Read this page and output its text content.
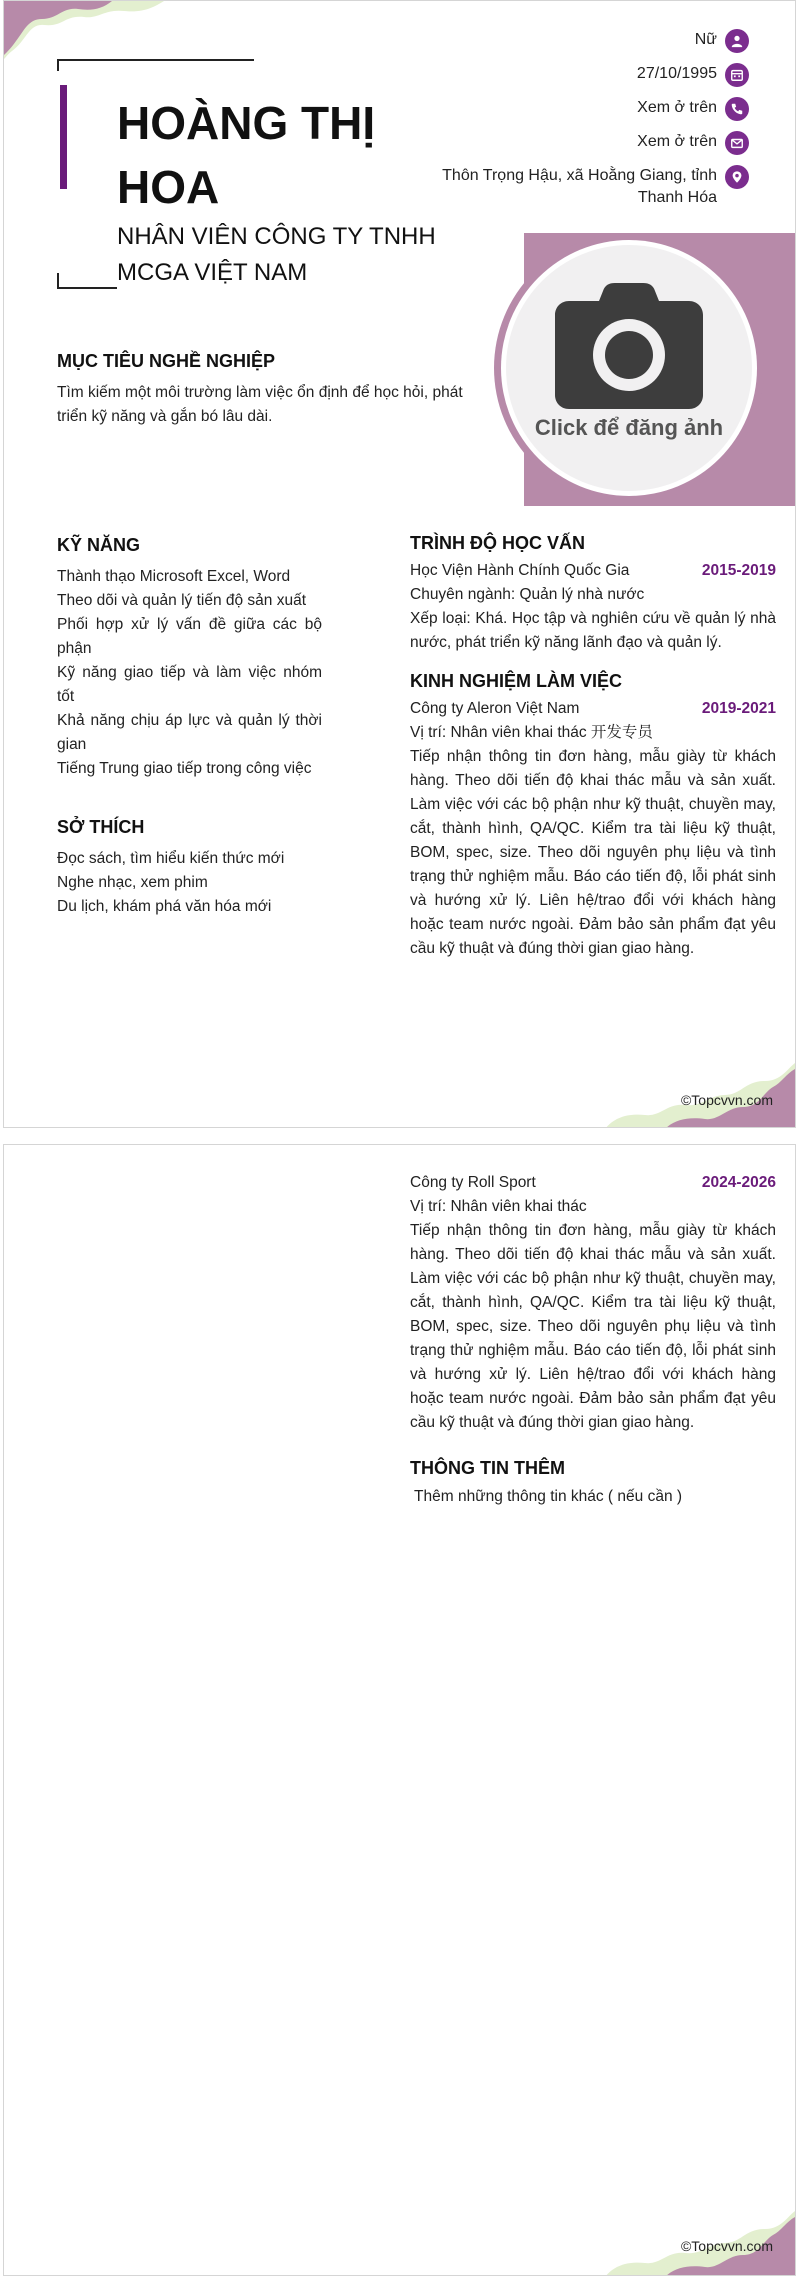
HOÀNG THỊ HOA
NHÂN VIÊN CÔNG TY TNHH MCGA VIỆT NAM
Nữ
27/10/1995
Xem ở trên
Xem ở trên
Thôn Trọng Hậu, xã Hoằng Giang, tỉnh Thanh Hóa
Click để đăng ảnh
MỤC TIÊU NGHỀ NGHIỆP
Tìm kiếm một môi trường làm việc ổn định để học hỏi, phát triển kỹ năng và gắn bó lâu dài.
KỸ NĂNG
Thành thạo Microsoft Excel, Word
Theo dõi và quản lý tiến độ sản xuất
Phối hợp xử lý vấn đề giữa các bộ phận
Kỹ năng giao tiếp và làm việc nhóm tốt
Khả năng chịu áp lực và quản lý thời gian
Tiếng Trung giao tiếp trong công việc
SỞ THÍCH
Đọc sách, tìm hiểu kiến thức mới
Nghe nhạc, xem phim
Du lịch, khám phá văn hóa mới
TRÌNH ĐỘ HỌC VẤN
Học Viện Hành Chính Quốc Gia	2015-2019
Chuyên ngành: Quản lý nhà nước
Xếp loại: Khá. Học tập và nghiên cứu về quản lý nhà nước, phát triển kỹ năng lãnh đạo và quản lý.
KINH NGHIỆM LÀM VIỆC
Công ty Aleron Việt Nam	2019-2021
Vị trí: Nhân viên khai thác 开发专员
Tiếp nhận thông tin đơn hàng, mẫu giày từ khách hàng. Theo dõi tiến độ khai thác mẫu và sản xuất. Làm việc với các bộ phận như kỹ thuật, chuyền may, cắt, thành hình, QA/QC. Kiểm tra tài liệu kỹ thuật, BOM, spec, size. Theo dõi nguyên phụ liệu và tình trạng thử nghiệm mẫu. Báo cáo tiến độ, lỗi phát sinh và hướng xử lý. Liên hệ/trao đổi với khách hàng hoặc team nước ngoài. Đảm bảo sản phẩm đạt yêu cầu kỹ thuật và đúng thời gian giao hàng.
©Topcvvn.com
Công ty Roll Sport	2024-2026
Vị trí: Nhân viên khai thác
Tiếp nhận thông tin đơn hàng, mẫu giày từ khách hàng. Theo dõi tiến độ khai thác mẫu và sản xuất. Làm việc với các bộ phận như kỹ thuật, chuyền may, cắt, thành hình, QA/QC. Kiểm tra tài liệu kỹ thuật, BOM, spec, size. Theo dõi nguyên phụ liệu và tình trạng thử nghiệm mẫu. Báo cáo tiến độ, lỗi phát sinh và hướng xử lý. Liên hệ/trao đổi với khách hàng hoặc team nước ngoài. Đảm bảo sản phẩm đạt yêu cầu kỹ thuật và đúng thời gian giao hàng.
THÔNG TIN THÊM
Thêm những thông tin khác ( nếu cần )
©Topcvvn.com
